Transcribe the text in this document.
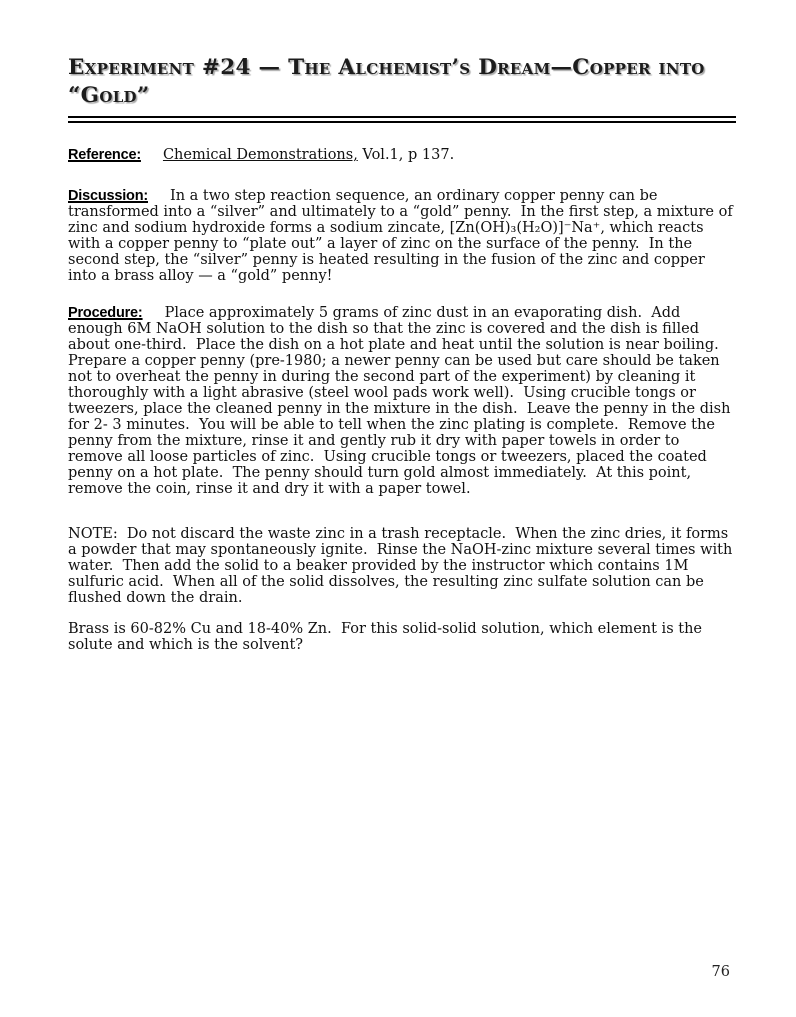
Experiment #24 — The Alchemist’s Dream—Copper into
“Gold”

Reference: Chemical Demonstrations, Vol.1, p 137.

Discussion: In a two step reaction sequence, an ordinary copper penny can be transformed into a “silver” and ultimately to a “gold” penny.  In the first step, a mixture of zinc and sodium hydroxide forms a sodium zincate, [Zn(OH)₃(H₂O)]⁻Na⁺, which reacts with a copper penny to “plate out” a layer of zinc on the surface of the penny.  In the second step, the “silver” penny is heated resulting in the fusion of the zinc and copper into a brass alloy — a “gold” penny!

Procedure: Place approximately 5 grams of zinc dust in an evaporating dish.  Add enough 6M NaOH solution to the dish so that the zinc is covered and the dish is filled about one-third.  Place the dish on a hot plate and heat until the solution is near boiling.  Prepare a copper penny (pre-1980; a newer penny can be used but care should be taken not to overheat the penny in during the second part of the experiment) by cleaning it thoroughly with a light abrasive (steel wool pads work well).  Using crucible tongs or tweezers, place the cleaned penny in the mixture in the dish.  Leave the penny in the dish for 2- 3 minutes.  You will be able to tell when the zinc plating is complete.  Remove the penny from the mixture, rinse it and gently rub it dry with paper towels in order to remove all loose particles of zinc.  Using crucible tongs or tweezers, placed the coated penny on a hot plate.  The penny should turn gold almost immediately.  At this point, remove the coin, rinse it and dry it with a paper towel.

NOTE:  Do not discard the waste zinc in a trash receptacle.  When the zinc dries, it forms a powder that may spontaneously ignite.  Rinse the NaOH-zinc mixture several times with water.  Then add the solid to a beaker provided by the instructor which contains 1M sulfuric acid.  When all of the solid dissolves, the resulting zinc sulfate solution can be flushed down the drain.

Brass is 60-82% Cu and 18-40% Zn.  For this solid-solid solution, which element is the solute and which is the solvent?

76
